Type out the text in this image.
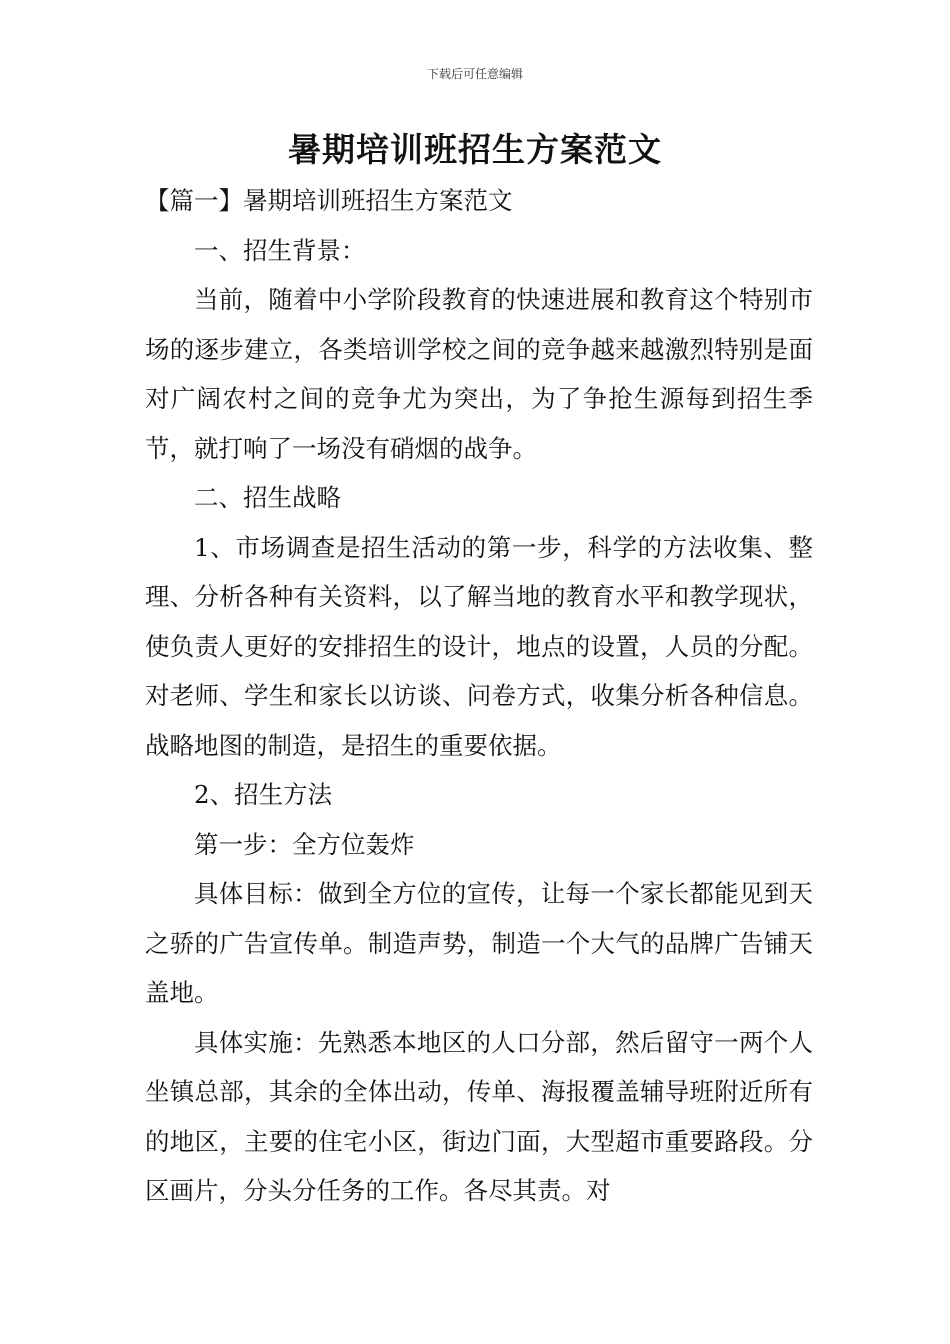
下载后可任意编辑
暑期培训班招生方案范文

【篇一】暑期培训班招生方案范文

一、招生背景：

当前，随着中小学阶段教育的快速进展和教育这个特别市场的逐步建立，各类培训学校之间的竞争越来越激烈特别是面对广阔农村之间的竞争尤为突出，为了争抢生源每到招生季节，就打响了一场没有硝烟的战争。

二、招生战略

1、市场调查是招生活动的第一步，科学的方法收集、整理、分析各种有关资料，以了解当地的教育水平和教学现状，使负责人更好的安排招生的设计，地点的设置，人员的分配。对老师、学生和家长以访谈、问卷方式，收集分析各种信息。战略地图的制造，是招生的重要依据。

2、招生方法

第一步：全方位轰炸

具体目标：做到全方位的宣传，让每一个家长都能见到天之骄的广告宣传单。制造声势，制造一个大气的品牌广告铺天盖地。

具体实施：先熟悉本地区的人口分部，然后留守一两个人坐镇总部，其余的全体出动，传单、海报覆盖辅导班附近所有的地区，主要的住宅小区，街边门面，大型超市重要路段。分区画片，分头分任务的工作。各尽其责。对
